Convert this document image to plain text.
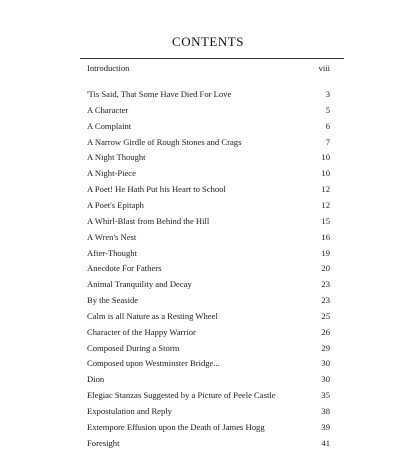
CONTENTS
Introduction	viii
'Tis Said, That Some Have Died For Love	3
A Character	5
A Complaint	6
A Narrow Girdle of Rough Stones and Crags	7
A Night Thought	10
A Night-Piece	10
A Poet! He Hath Put his Heart to School	12
A Poet's Epitaph	12
A Whirl-Blast from Behind the Hill	15
A Wren's Nest	16
After-Thought	19
Anecdote For Fathers	20
Animal Tranquility and Decay	23
By the Seaside	23
Calm is all Nature as a Resting Wheel	25
Character of the Happy Warrior	26
Composed During a Storm	29
Composed upon Westminster Bridge...	30
Dion	30
Elegiac Stanzas Suggested by a Picture of Peele Castle	35
Expostulation and Reply	38
Extempore Effusion upon the Death of James Hogg	39
Foresight	41
